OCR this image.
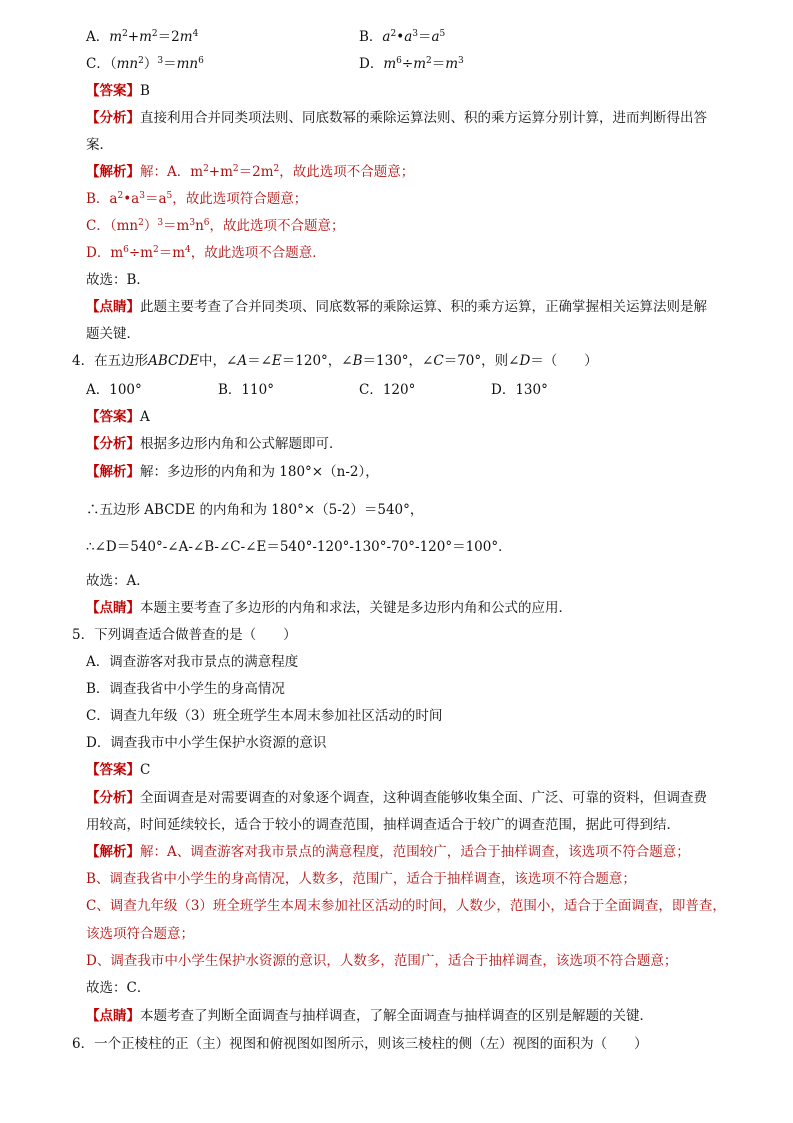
A．$m^2+m^2=2m^4$	B．$a^2•a^3=a^5$
C．$(mn^2)^3=mn^6$	D．$m^6\div m^2=m^3$
【答案】B
【分析】直接利用合并同类项法则、同底数幂的乘除运算法则、积的乘方运算分别计算，进而判断得出答
案．
【解析】解：A．$m^2+m^2=2m^2$，故此选项不合题意；
B．$a^2•a^3=a^5$，故此选项符合题意；
C．$(mn^2)^3=m^3n^6$，故此选项不合题意；
D．$m^6\div m^2=m^4$，故此选项不合题意．
故选：B．
【点睛】此题主要考查了合并同类项、同底数幂的乘除运算、积的乘方运算，正确掌握相关运算法则是解
题关键．
4．在五边形ABCDE中，∠A＝∠E＝120°，∠B＝130°，∠C＝70°，则∠D＝（　　）
A．100°	B．110°	C．120°	D．130°
【答案】A
【分析】根据多边形内角和公式解题即可．
【解析】解：多边形的内角和为 180°×（n-2），
∴五边形 ABCDE 的内角和为 180°×（5-2）＝540°，
∴∠D＝540°-∠A-∠B-∠C-∠E＝540°-120°-130°-70°-120°＝100°．
故选：A．
【点睛】本题主要考查了多边形的内角和求法，关键是多边形内角和公式的应用．
5．下列调查适合做普查的是（　　）
A．调查游客对我市景点的满意程度
B．调查我省中小学生的身高情况
C．调查九年级（3）班全班学生本周末参加社区活动的时间
D．调查我市中小学生保护水资源的意识
【答案】C
【分析】全面调查是对需要调查的对象逐个调查，这种调查能够收集全面、广泛、可靠的资料，但调查费
用较高，时间延续较长，适合于较小的调查范围，抽样调查适合于较广的调查范围，据此可得到结．
【解析】解：A、调查游客对我市景点的满意程度，范围较广，适合于抽样调查，该选项不符合题意；
B、调查我省中小学生的身高情况，人数多，范围广，适合于抽样调查，该选项不符合题意；
C、调查九年级（3）班全班学生本周末参加社区活动的时间，人数少，范围小，适合于全面调查，即普查，
该选项符合题意；
D、调查我市中小学生保护水资源的意识，人数多，范围广，适合于抽样调查，该选项不符合题意；
故选：C．
【点睛】本题考查了判断全面调查与抽样调查，了解全面调查与抽样调查的区别是解题的关键．
6．一个正棱柱的正（主）视图和俯视图如图所示，则该三棱柱的侧（左）视图的面积为（　　）
